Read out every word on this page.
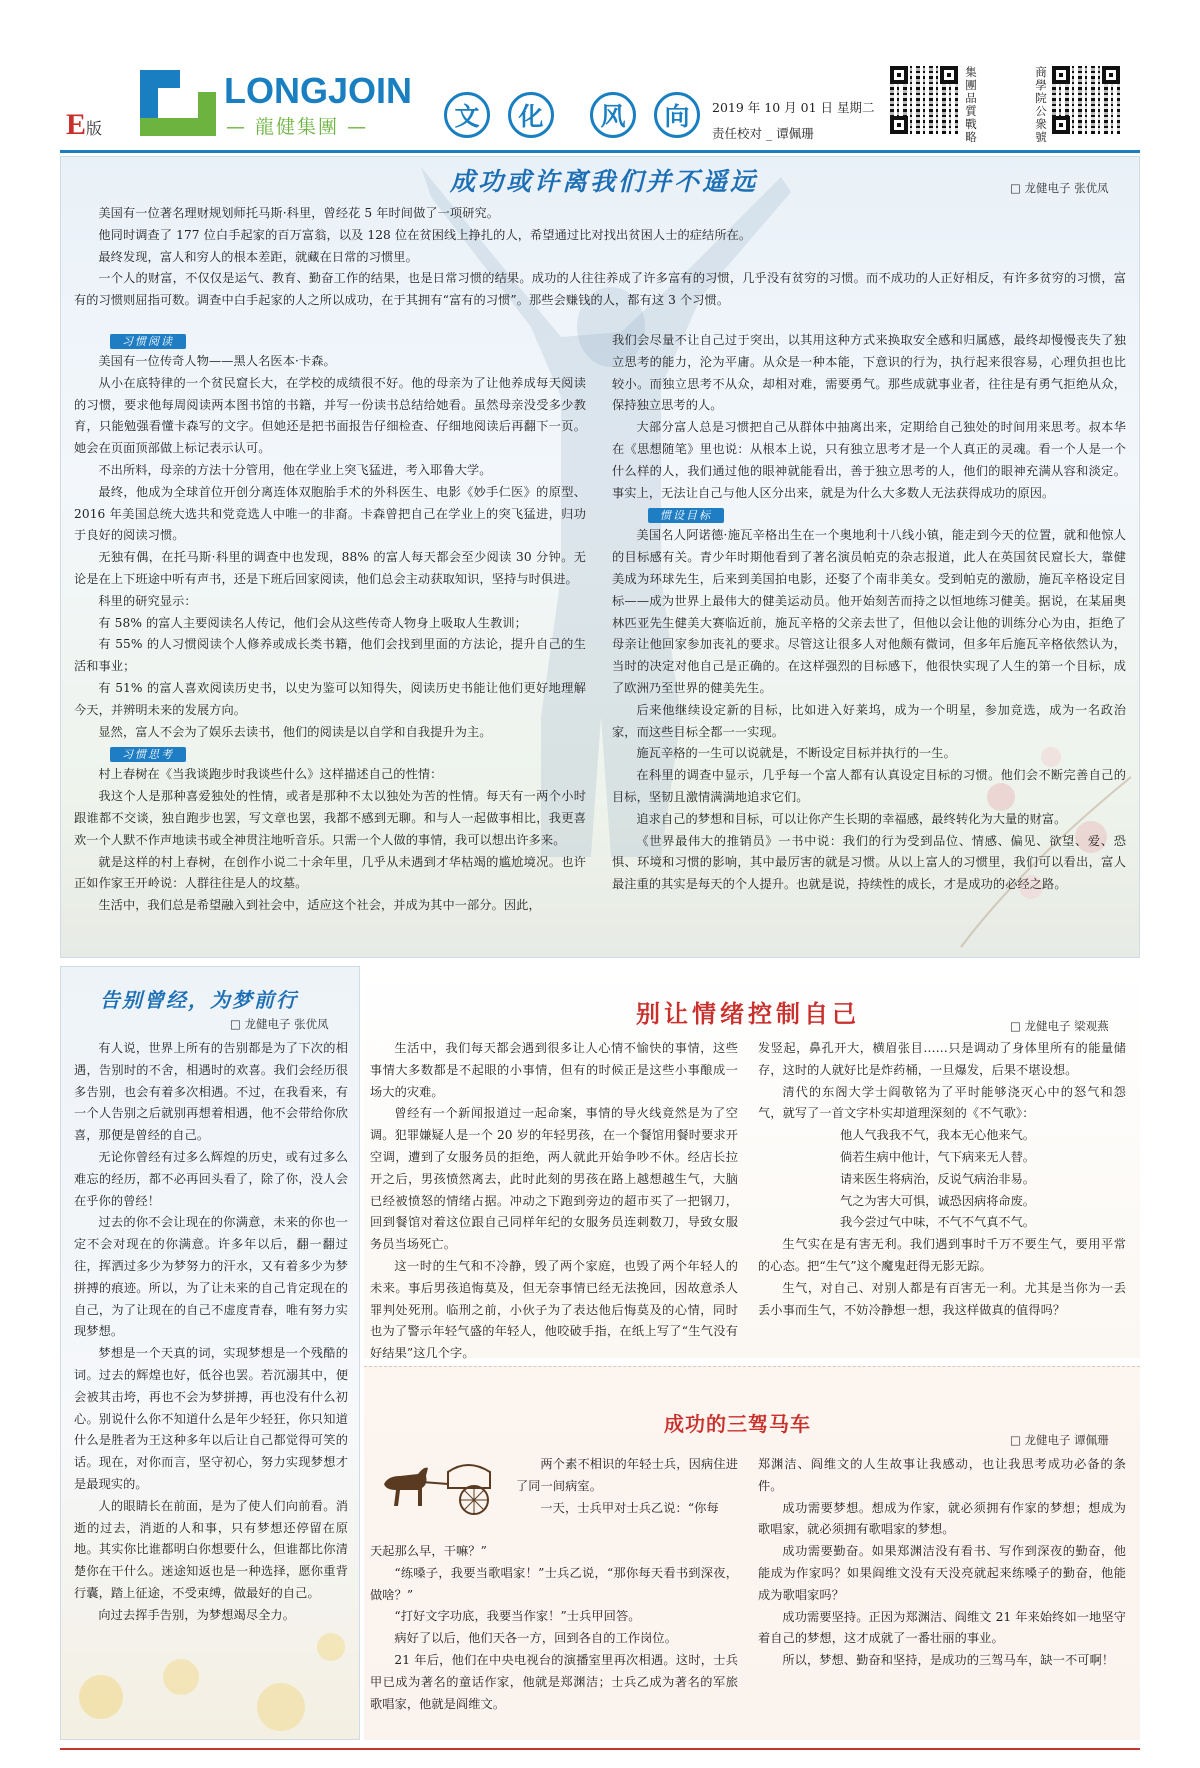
E版
LONGJOIN
— 龍健集團 —	文	化	风	向	2019 年 10 月 01 日 星期二
责任校对 _ 谭佩珊
集團品質戰略
商學院公衆號
成功或许离我们并不遥远	□ 龙健电子 张优凤

美国有一位著名理财规划师托马斯·科里，曾经花 5 年时间做了一项研究。

他同时调查了 177 位白手起家的百万富翁，以及 128 位在贫困线上挣扎的人，希望通过比对找出贫困人士的症结所在。

最终发现，富人和穷人的根本差距，就藏在日常的习惯里。

一个人的财富，不仅仅是运气、教育、勤奋工作的结果，也是日常习惯的结果。成功的人往往养成了许多富有的习惯，几乎没有贫穷的习惯。而不成功的人正好相反，有许多贫穷的习惯，富有的习惯则屈指可数。调查中白手起家的人之所以成功，在于其拥有“富有的习惯”。那些会赚钱的人，都有这 3 个习惯。

习惯阅读

美国有一位传奇人物——黑人名医本·卡森。

从小在底特律的一个贫民窟长大，在学校的成绩很不好。他的母亲为了让他养成每天阅读的习惯，要求他每周阅读两本图书馆的书籍，并写一份读书总结给她看。虽然母亲没受多少教育，只能勉强看懂卡森写的文字。但她还是把书面报告仔细检查、仔细地阅读后再翻下一页。她会在页面顶部做上标记表示认可。

不出所料，母亲的方法十分管用，他在学业上突飞猛进，考入耶鲁大学。

最终，他成为全球首位开创分离连体双胞胎手术的外科医生、电影《妙手仁医》的原型、2016 年美国总统大选共和党竞选人中唯一的非裔。卡森曾把自己在学业上的突飞猛进，归功于良好的阅读习惯。

无独有偶，在托马斯·科里的调查中也发现，88% 的富人每天都会至少阅读 30 分钟。无论是在上下班途中听有声书，还是下班后回家阅读，他们总会主动获取知识，坚持与时俱进。

科里的研究显示：

有 58% 的富人主要阅读名人传记，他们会从这些传奇人物身上吸取人生教训；

有 55% 的人习惯阅读个人修养或成长类书籍，他们会找到里面的方法论，提升自己的生活和事业；

有 51% 的富人喜欢阅读历史书，以史为鉴可以知得失，阅读历史书能让他们更好地理解今天，并辨明未来的发展方向。

显然，富人不会为了娱乐去读书，他们的阅读是以自学和自我提升为主。

习惯思考

村上春树在《当我谈跑步时我谈些什么》这样描述自己的性情：

我这个人是那种喜爱独处的性情，或者是那种不太以独处为苦的性情。每天有一两个小时跟谁都不交谈，独自跑步也罢，写文章也罢，我都不感到无聊。和与人一起做事相比，我更喜欢一个人默不作声地读书或全神贯注地听音乐。只需一个人做的事情，我可以想出许多来。

就是这样的村上春树，在创作小说二十余年里，几乎从未遇到才华枯竭的尴尬境况。也许正如作家王开岭说：人群往往是人的坟墓。

生活中，我们总是希望融入到社会中，适应这个社会，并成为其中一部分。因此，

我们会尽量不让自己过于突出，以其用这种方式来换取安全感和归属感，最终却慢慢丧失了独立思考的能力，沦为平庸。从众是一种本能，下意识的行为，执行起来很容易，心理负担也比较小。而独立思考不从众，却相对难，需要勇气。那些成就事业者，往往是有勇气拒绝从众，保持独立思考的人。

大部分富人总是习惯把自己从群体中抽离出来，定期给自己独处的时间用来思考。叔本华在《思想随笔》里也说：从根本上说，只有独立思考才是一个人真正的灵魂。看一个人是一个什么样的人，我们通过他的眼神就能看出，善于独立思考的人，他们的眼神充满从容和淡定。事实上，无法让自己与他人区分出来，就是为什么大多数人无法获得成功的原因。

惯设目标

美国名人阿诺德·施瓦辛格出生在一个奥地利十八线小镇，能走到今天的位置，就和他惊人的目标感有关。青少年时期他看到了著名演员帕克的杂志报道，此人在英国贫民窟长大，靠健美成为环球先生，后来到美国拍电影，还娶了个南非美女。受到帕克的激励，施瓦辛格设定目标——成为世界上最伟大的健美运动员。他开始刻苦而持之以恒地练习健美。据说，在某届奥林匹亚先生健美大赛临近前，施瓦辛格的父亲去世了，但他以会让他的训练分心为由，拒绝了母亲让他回家参加丧礼的要求。尽管这让很多人对他颇有微词，但多年后施瓦辛格依然认为，当时的决定对他自己是正确的。在这样强烈的目标感下，他很快实现了人生的第一个目标，成了欧洲乃至世界的健美先生。

后来他继续设定新的目标，比如进入好莱坞，成为一个明星，参加竞选，成为一名政治家，而这些目标全都一一实现。

施瓦辛格的一生可以说就是，不断设定目标并执行的一生。

在科里的调查中显示，几乎每一个富人都有认真设定目标的习惯。他们会不断完善自己的目标，坚韧且激情满满地追求它们。

追求自己的梦想和目标，可以让你产生长期的幸福感，最终转化为大量的财富。

《世界最伟大的推销员》一书中说：我们的行为受到品位、情感、偏见、欲望、爱、恐惧、环境和习惯的影响，其中最厉害的就是习惯。从以上富人的习惯里，我们可以看出，富人最注重的其实是每天的个人提升。也就是说，持续性的成长，才是成功的必经之路。

告别曾经，为梦前行
□ 龙健电子 张优凤

有人说，世界上所有的告别都是为了下次的相遇，告别时的不舍，相遇时的欢喜。我们会经历很多告别，也会有着多次相遇。不过，在我看来，有一个人告别之后就别再想着相遇，他不会带给你欣喜，那便是曾经的自己。

无论你曾经有过多么辉煌的历史，或有过多么难忘的经历，都不必再回头看了，除了你，没人会在乎你的曾经！

过去的你不会让现在的你满意，未来的你也一定不会对现在的你满意。许多年以后，翻一翻过往，挥洒过多少为梦努力的汗水，又有着多少为梦拼搏的痕迹。所以，为了让未来的自己肯定现在的自己，为了让现在的自己不虚度青春，唯有努力实现梦想。

梦想是一个天真的词，实现梦想是一个残酷的词。过去的辉煌也好，低谷也罢。若沉溺其中，便会被其击垮，再也不会为梦拼搏，再也没有什么初心。别说什么你不知道什么是年少轻狂，你只知道什么是胜者为王这种多年以后让自己都觉得可笑的话。现在，对你而言，坚守初心，努力实现梦想才是最现实的。

人的眼睛长在前面，是为了使人们向前看。消逝的过去，消逝的人和事，只有梦想还停留在原地。其实你比谁都明白你想要什么，但谁都比你清楚你在干什么。迷途知返也是一种选择，愿你重背行囊，踏上征途，不受束缚，做最好的自己。

向过去挥手告别，为梦想竭尽全力。

别让情绪控制自己	□ 龙健电子 梁观燕

生活中，我们每天都会遇到很多让人心情不愉快的事情，这些事情大多数都是不起眼的小事情，但有的时候正是这些小事酿成一场大的灾难。

曾经有一个新闻报道过一起命案，事情的导火线竟然是为了空调。犯罪嫌疑人是一个 20 岁的年轻男孩，在一个餐馆用餐时要求开空调，遭到了女服务员的拒绝，两人就此开始争吵不休。经店长拉开之后，男孩愤然离去，此时此刻的男孩在路上越想越生气，大脑已经被愤怒的情绪占据。冲动之下跑到旁边的超市买了一把钢刀，回到餐馆对着这位跟自己同样年纪的女服务员连刺数刀，导致女服务员当场死亡。

这一时的生气和不冷静，毁了两个家庭，也毁了两个年轻人的未来。事后男孩追悔莫及，但无奈事情已经无法挽回，因故意杀人罪判处死刑。临刑之前，小伙子为了表达他后悔莫及的心情，同时也为了警示年轻气盛的年轻人，他咬破手指，在纸上写了“生气没有好结果”这几个字。

发竖起，鼻孔开大，横眉张目……只是调动了身体里所有的能量储存，这时的人就好比是炸药桶，一旦爆发，后果不堪设想。

清代的东阁大学士阎敬铭为了平时能够浇灭心中的怒气和怨气，就写了一首文字朴实却道理深刻的《不气歌》：

他人气我我不气，我本无心他来气。
倘若生病中他计，气下病来无人替。
请来医生将病治，反说气病治非易。
气之为害大可惧，诚恐因病将命废。
我今尝过气中味，不气不气真不气。

生气实在是有害无利。我们遇到事时千万不要生气，要用平常的心态。把“生气”这个魔鬼赶得无影无踪。

生气，对自己、对别人都是有百害无一利。尤其是当你为一丢丢小事而生气，不妨冷静想一想，我这样做真的值得吗？

成功的三驾马车
□ 龙健电子 谭佩珊

两个素不相识的年轻士兵，因病住进了同一间病室。

一天，士兵甲对士兵乙说：“你每

天起那么早，干嘛？”

“练嗓子，我要当歌唱家！”士兵乙说，“那你每天看书到深夜，做啥？”

“打好文字功底，我要当作家！”士兵甲回答。

病好了以后，他们天各一方，回到各自的工作岗位。

21 年后，他们在中央电视台的演播室里再次相遇。这时，士兵甲已成为著名的童话作家，他就是郑渊洁；士兵乙成为著名的军旅歌唱家，他就是阎维文。

郑渊洁、阎维文的人生故事让我感动，也让我思考成功必备的条件。

成功需要梦想。想成为作家，就必须拥有作家的梦想；想成为歌唱家，就必须拥有歌唱家的梦想。

成功需要勤奋。如果郑渊洁没有看书、写作到深夜的勤奋，他能成为作家吗？如果阎维文没有天没亮就起来练嗓子的勤奋，他能成为歌唱家吗？

成功需要坚持。正因为郑渊洁、阎维文 21 年来始终如一地坚守着自己的梦想，这才成就了一番壮丽的事业。

所以，梦想、勤奋和坚持，是成功的三驾马车，缺一不可啊！
